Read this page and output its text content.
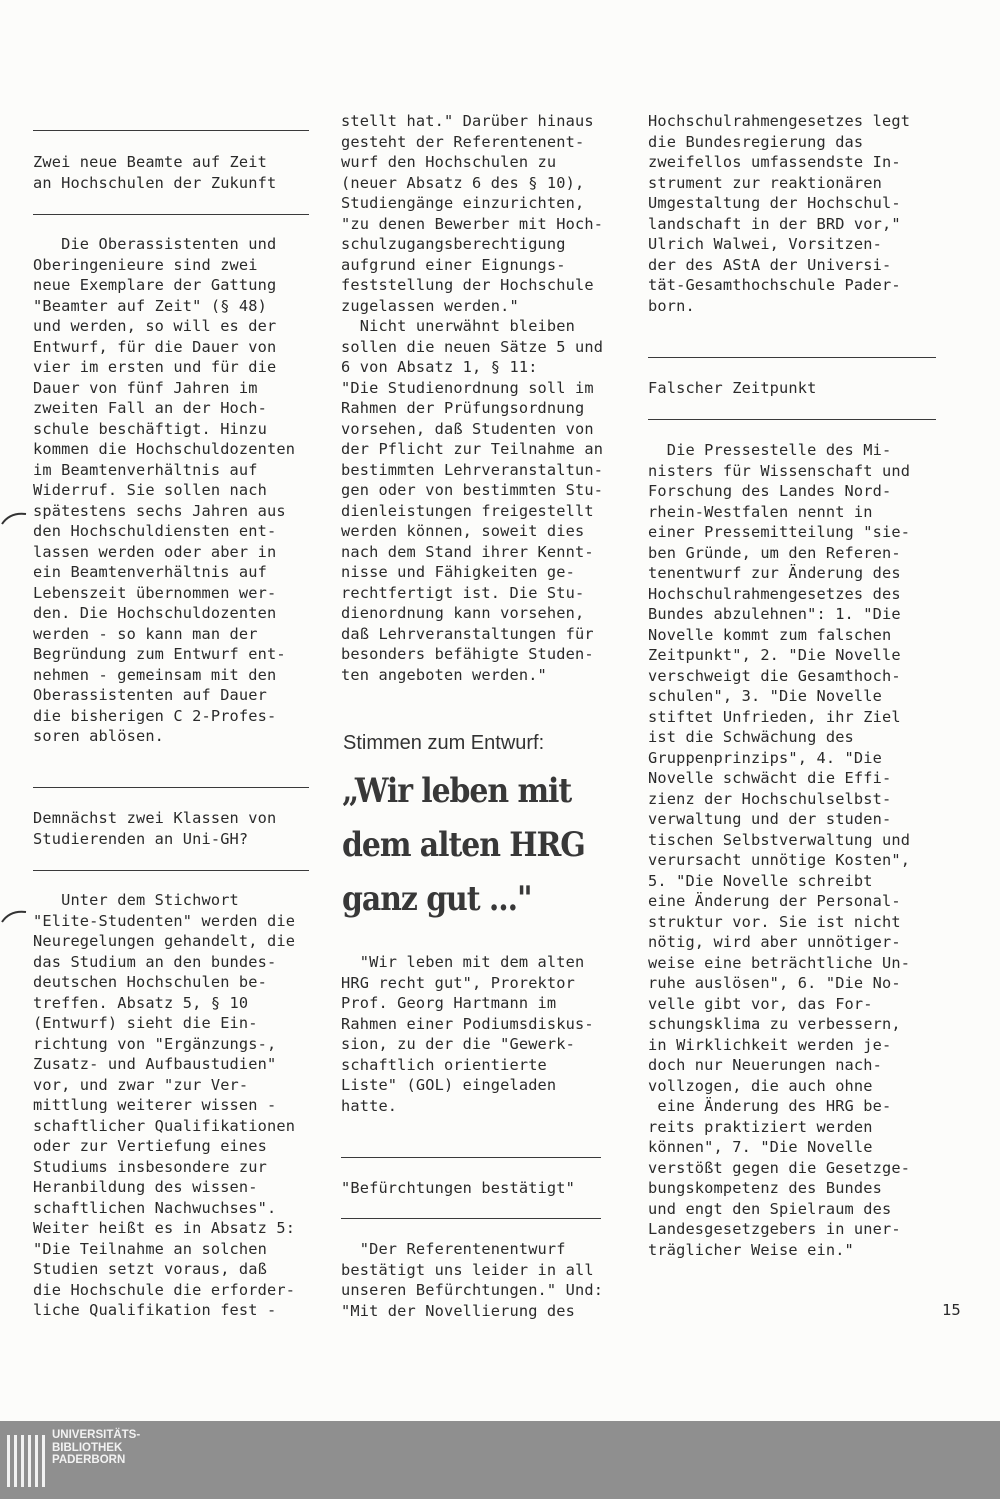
Zwei neue Beamte auf Zeit
an Hochschulen der Zukunft

Die Oberassistenten und
Oberingenieure sind zwei
neue Exemplare der Gattung
"Beamter auf Zeit" (§ 48)
und werden, so will es der
Entwurf, für die Dauer von
vier im ersten und für die
Dauer von fünf Jahren im
zweiten Fall an der Hoch-
schule beschäftigt. Hinzu
kommen die Hochschuldozenten
im Beamtenverhältnis auf
Widerruf. Sie sollen nach
spätestens sechs Jahren aus
den Hochschuldiensten ent-
lassen werden oder aber in
ein Beamtenverhältnis auf
Lebenszeit übernommen wer-
den. Die Hochschuldozenten
werden - so kann man der
Begründung zum Entwurf ent-
nehmen - gemeinsam mit den
Oberassistenten auf Dauer
die bisherigen C 2-Profes-
soren ablösen.

Demnächst zwei Klassen von
Studierenden an Uni-GH?

Unter dem Stichwort
"Elite-Studenten" werden die
Neuregelungen gehandelt, die
das Studium an den bundes-
deutschen Hochschulen be-
treffen. Absatz 5, § 10
(Entwurf) sieht die Ein-
richtung von "Ergänzungs-,
Zusatz- und Aufbaustudien"
vor, und zwar "zur Ver-
mittlung weiterer wissen -
schaftlicher Qualifikationen
oder zur Vertiefung eines
Studiums insbesondere zur
Heranbildung des wissen-
schaftlichen Nachwuchses".
Weiter heißt es in Absatz 5:
"Die Teilnahme an solchen
Studien setzt voraus, daß
die Hochschule die erforder-
liche Qualifikation fest -

stellt hat." Darüber hinaus
gesteht der Referentenent-
wurf den Hochschulen zu
(neuer Absatz 6 des § 10),
Studiengänge einzurichten,
"zu denen Bewerber mit Hoch-
schulzugangsberechtigung
aufgrund einer Eignungs-
feststellung der Hochschule
zugelassen werden."

Nicht unerwähnt bleiben
sollen die neuen Sätze 5 und
6 von Absatz 1, § 11:
"Die Studienordnung soll im
Rahmen der Prüfungsordnung
vorsehen, daß Studenten von
der Pflicht zur Teilnahme an
bestimmten Lehrveranstaltun-
gen oder von bestimmten Stu-
dienleistungen freigestellt
werden können, soweit dies
nach dem Stand ihrer Kennt-
nisse und Fähigkeiten ge-
rechtfertigt ist. Die Stu-
dienordnung kann vorsehen,
daß Lehrveranstaltungen für
besonders befähigte Studen-
ten angeboten werden."

Stimmen zum Entwurf:

„Wir leben mit
dem alten HRG
ganz gut ..."

"Wir leben mit dem alten
HRG recht gut", Prorektor
Prof. Georg Hartmann im
Rahmen einer Podiumsdiskus-
sion, zu der die "Gewerk-
schaftlich orientierte
Liste" (GOL) eingeladen
hatte.

"Befürchtungen bestätigt"

"Der Referentenentwurf
bestätigt uns leider in all
unseren Befürchtungen." Und:
"Mit der Novellierung des

Hochschulrahmengesetzes legt
die Bundesregierung das
zweifellos umfassendste In-
strument zur reaktionären
Umgestaltung der Hochschul-
landschaft in der BRD vor,"
Ulrich Walwei, Vorsitzen-
der des AStA der Universi-
tät-Gesamthochschule Pader-
born.

Falscher Zeitpunkt

Die Pressestelle des Mi-
nisters für Wissenschaft und
Forschung des Landes Nord-
rhein-Westfalen nennt in
einer Pressemitteilung "sie-
ben Gründe, um den Referen-
tenentwurf zur Änderung des
Hochschulrahmengesetzes des
Bundes abzulehnen": 1. "Die
Novelle kommt zum falschen
Zeitpunkt", 2. "Die Novelle
verschweigt die Gesamthoch-
schulen", 3. "Die Novelle
stiftet Unfrieden, ihr Ziel
ist die Schwächung des
Gruppenprinzips", 4. "Die
Novelle schwächt die Effi-
zienz der Hochschulselbst-
verwaltung und der studen-
tischen Selbstverwaltung und
verursacht unnötige Kosten",
5. "Die Novelle schreibt
eine Änderung der Personal-
struktur vor. Sie ist nicht
nötig, wird aber unnötiger-
weise eine beträchtliche Un-
ruhe auslösen", 6. "Die No-
velle gibt vor, das For-
schungsklima zu verbessern,
in Wirklichkeit werden je-
doch nur Neuerungen nach-
vollzogen, die auch ohne
eine Änderung des HRG be-
reits praktiziert werden
können", 7. "Die Novelle
verstößt gegen die Gesetzge-
bungskompetenz des Bundes
und engt den Spielraum des
Landesgesetzgebers in uner-
träglicher Weise ein."

15
UNIVERSITÄTS-
BIBLIOTHEK
PADERBORN
